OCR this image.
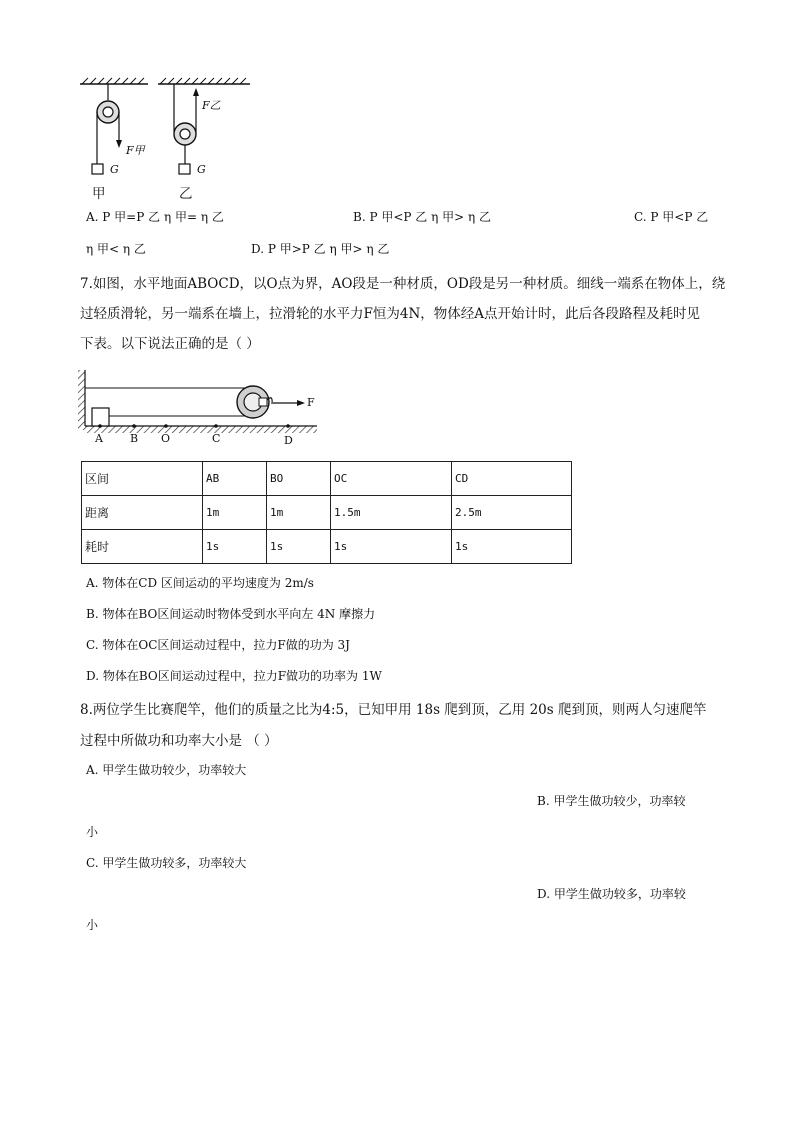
G	G
F甲
F乙
甲	乙
A. P 甲=P 乙 η 甲= η 乙	B. P 甲<P 乙 η 甲> η 乙	C. P 甲<P 乙
η 甲< η 乙	D. P 甲>P 乙 η 甲> η 乙
7.如图，水平地面ABOCD，以O点为界，AO段是一种材质，OD段是另一种材质。细线一端系在物体上，绕
过轻质滑轮，另一端系在墙上，拉滑轮的水平力F恒为4N，物体经A点开始计时，此后各段路程及耗时见
下表。以下说法正确的是（ ）
A B O	C	D
F
区间	AB	BO	OC	CD
距离	1m	1m	1.5m	2.5m
耗时	1s	1s	1s	1s
A. 物体在CD 区间运动的平均速度为 2m/s
B. 物体在BO区间运动时物体受到水平向左 4N 摩擦力
C. 物体在OC区间运动过程中，拉力F做的功为 3J
D. 物体在BO区间运动过程中，拉力F做功的功率为 1W
8.两位学生比赛爬竿，他们的质量之比为4:5，已知甲用 18s 爬到顶，乙用 20s 爬到顶，则两人匀速爬竿
过程中所做功和功率大小是 （ ）
A. 甲学生做功较少，功率较大
B. 甲学生做功较少，功率较
小
C. 甲学生做功较多，功率较大
D. 甲学生做功较多，功率较
小
